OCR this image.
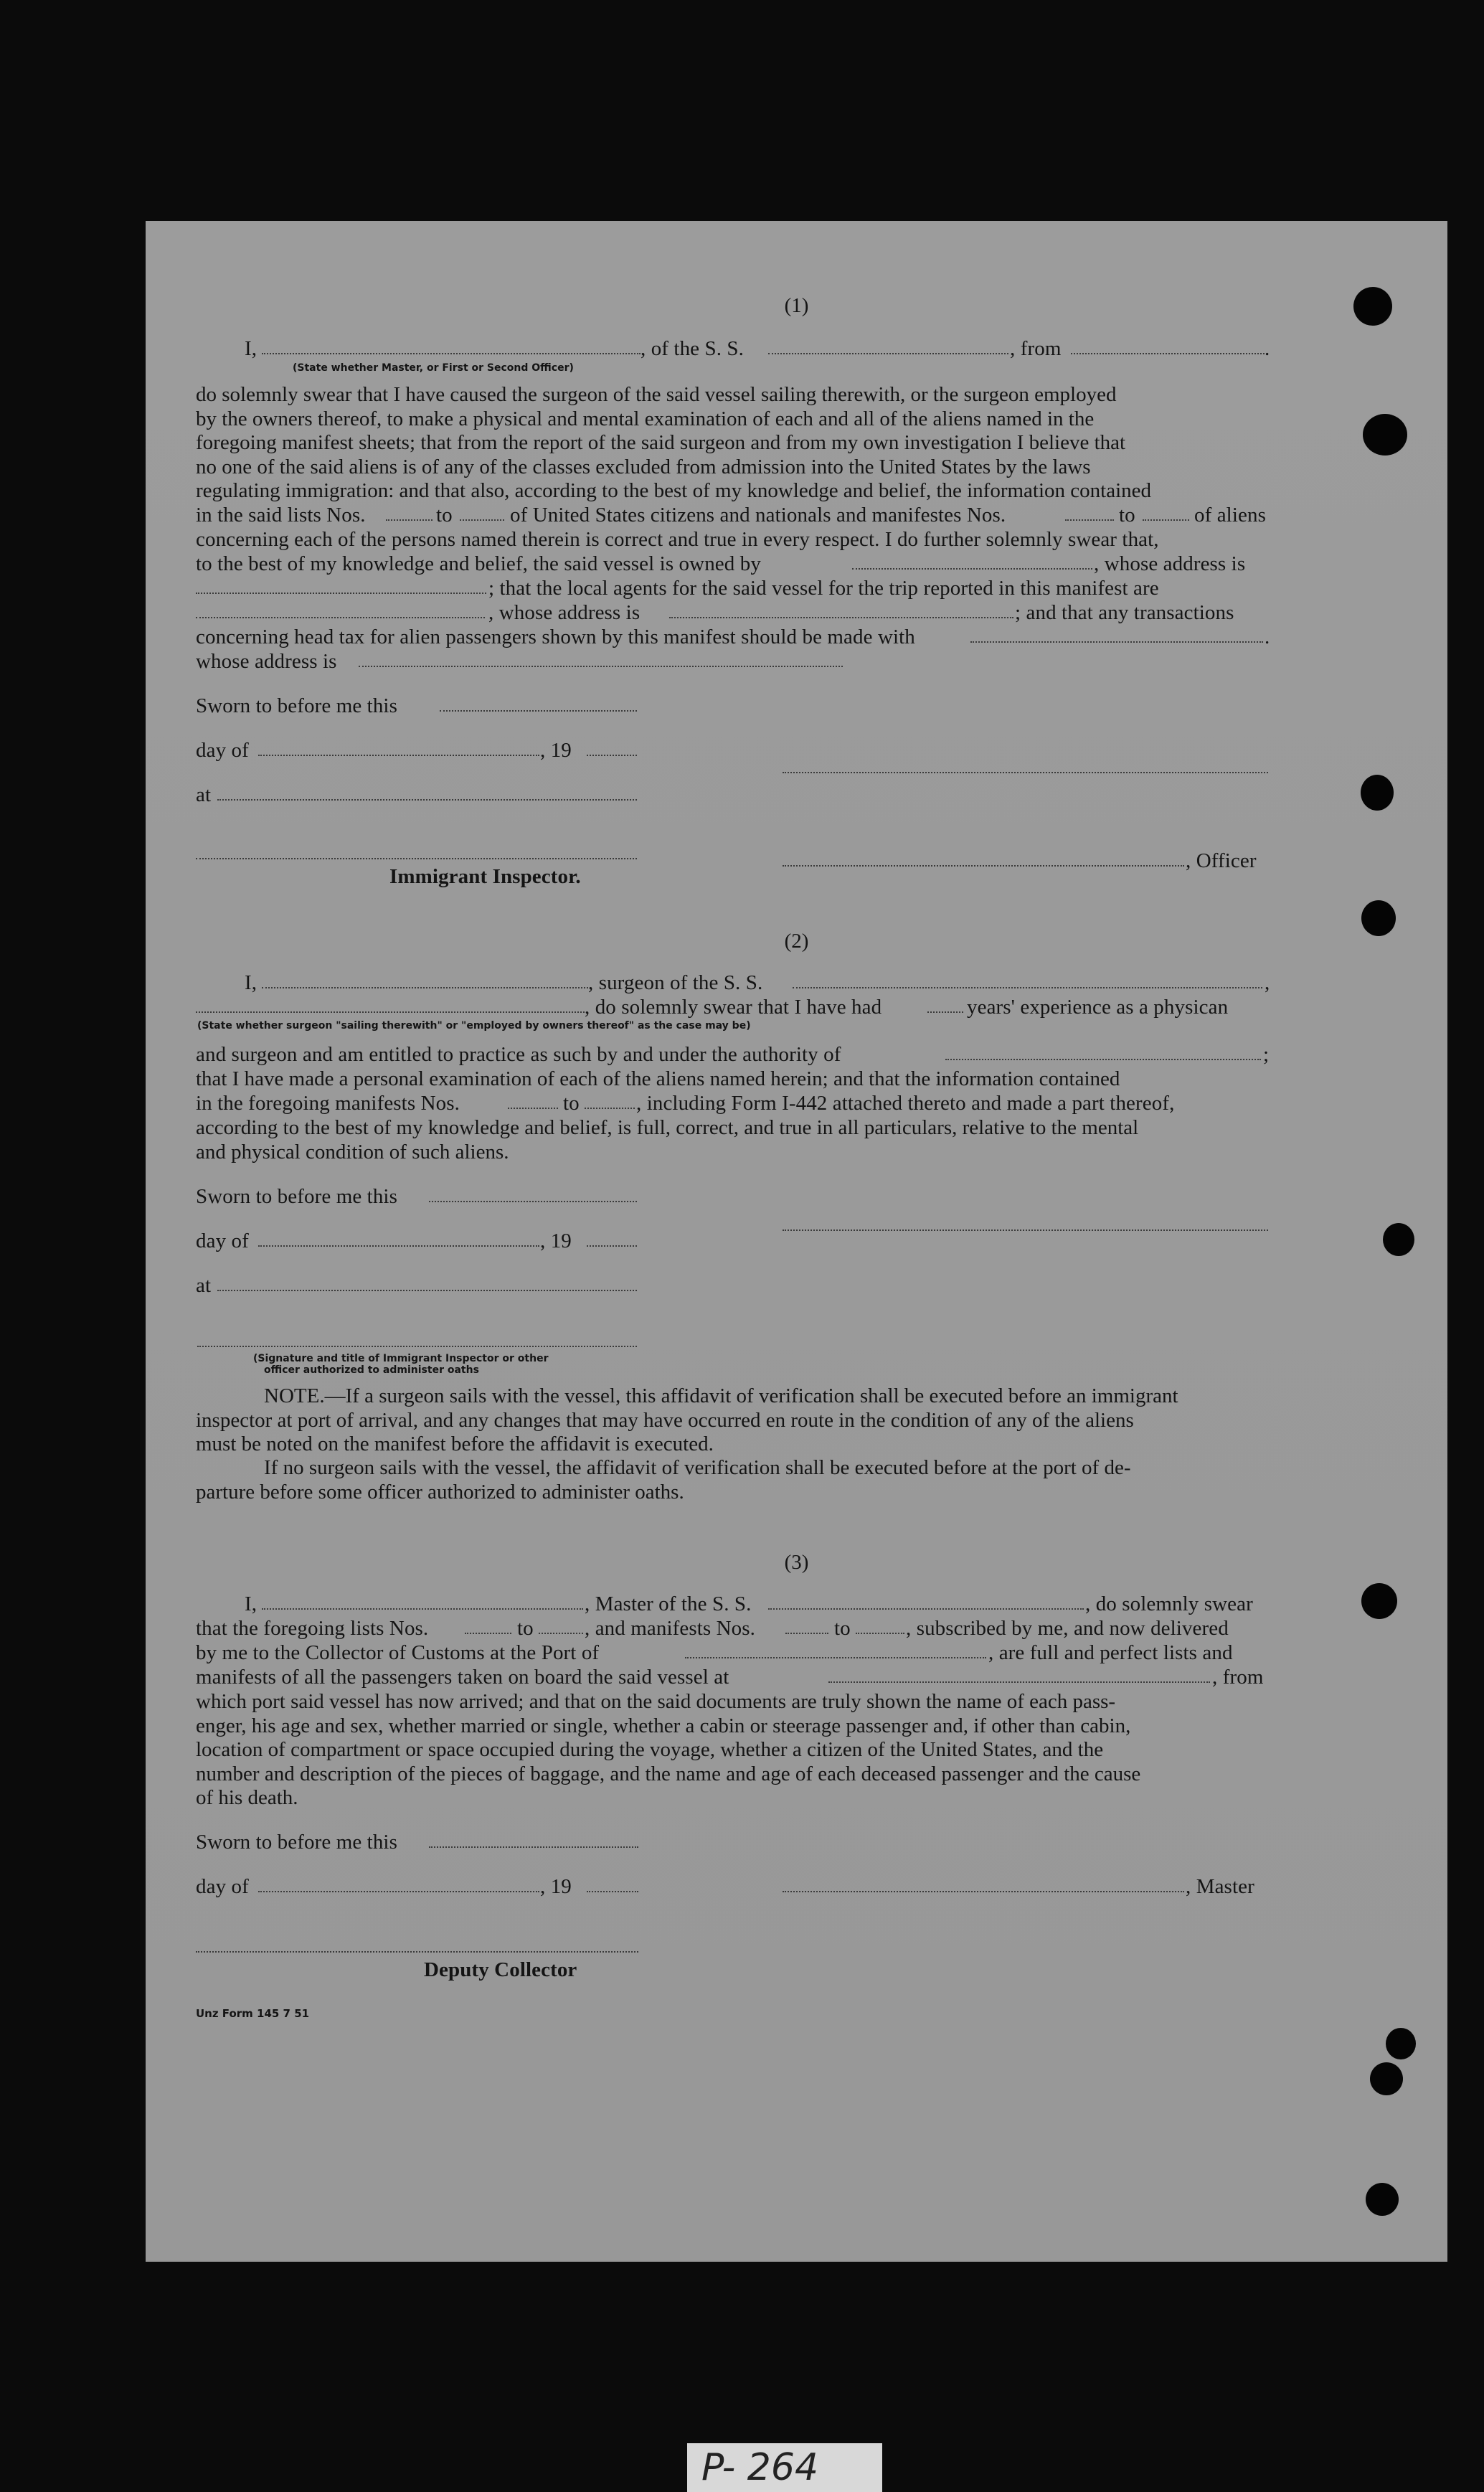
(1)
I,	, of the S. S.	, from	.
(State whether Master, or First or Second Officer)

do solemnly swear that I have caused the surgeon of the said vessel sailing therewith, or the surgeon employed

by the owners thereof, to make a physical and mental examination of each and all of the aliens named in the

foregoing manifest sheets; that from the report of the said surgeon and from my own investigation I believe that

no one of the said aliens is of any of the classes excluded from admission into the United States by the laws

regulating immigration: and that also, according to the best of my knowledge and belief, the information contained

in the said lists Nos.	to	of United States citizens and nationals and manifestes Nos.	to	of aliens
concerning each of the persons named therein is correct and true in every respect. I do further solemnly swear that,
to the best of my knowledge and belief, the said vessel is owned by	, whose address is
; that the local agents for the said vessel for the trip reported in this manifest are
, whose address is	; and that any transactions
concerning head tax for alien passengers shown by this manifest should be made with	.
whose address is
Sworn to before me this
day of	, 19
at
, Officer
Immigrant Inspector.
(2)
I,	, surgeon of the S. S.	,
, do solemnly swear that I have had	years' experience as a physican
(State whether surgeon "sailing therewith" or "employed by owners thereof" as the case may be)
and surgeon and am entitled to practice as such by and under the authority of	;

that I have made a personal examination of each of the aliens named herein; and that the information contained

in the foregoing manifests Nos.	to	, including Form I-442 attached thereto and made a part thereof,

according to the best of my knowledge and belief, is full, correct, and true in all particulars, relative to the mental

and physical condition of such aliens.

Sworn to before me this
day of	, 19
at
(Signature and title of Immigrant Inspector or other
officer authorized to administer oaths

NOTE.—If a surgeon sails with the vessel, this affidavit of verification shall be executed before an immigrant

inspector at port of arrival, and any changes that may have occurred en route in the condition of any of the aliens

must be noted on the manifest before the affidavit is executed.

If no surgeon sails with the vessel, the affidavit of verification shall be executed before at the port of de-

parture before some officer authorized to administer oaths.

(3)
I,	, Master of the S. S.	, do solemnly swear
that the foregoing lists Nos.	to , and manifests Nos.	to	, subscribed by me, and now delivered
by me to the Collector of Customs at the Port of	, are full and perfect lists and
manifests of all the passengers taken on board the said vessel at	, from

which port said vessel has now arrived; and that on the said documents are truly shown the name of each pass-

enger, his age and sex, whether married or single, whether a cabin or steerage passenger and, if other than cabin,

location of compartment or space occupied during the voyage, whether a citizen of the United States, and the

number and description of the pieces of baggage, and the name and age of each deceased passenger and the cause

of his death.

Sworn to before me this
day of	, 19	, Master
Deputy Collector
Unz Form 145 7 51
P- 264
